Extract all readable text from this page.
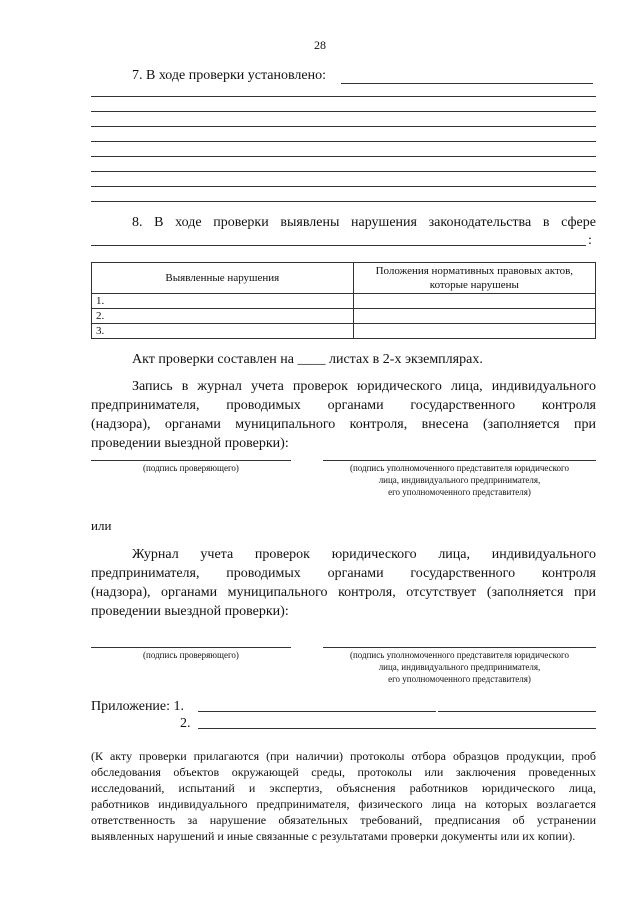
28
7. В ходе проверки установлено:
8. В ходе проверки выявлены нарушения законодательства в сфере
:
Выявленные нарушения	Положения нормативных правовых актов, которые нарушены
1.	
2.	
3.	
Акт проверки составлен на ____ листах в 2-х экземплярах.
Запись в журнал учета проверок юридического лица, индивидуального
предпринимателя, проводимых органами государственного контроля
(надзора), органами муниципального контроля, внесена (заполняется при
проведении выездной проверки):
(подпись проверяющего)	(подпись уполномоченного представителя юридического
лица, индивидуального предпринимателя,
его уполномоченного представителя)
или
Журнал учета проверок юридического лица, индивидуального
предпринимателя, проводимых органами государственного контроля
(надзора), органами муниципального контроля, отсутствует (заполняется при
проведении выездной проверки):
(подпись проверяющего)	(подпись уполномоченного представителя юридического
лица, индивидуального предпринимателя,
его уполномоченного представителя)
Приложение: 1.
2.
(К акту проверки прилагаются (при наличии) протоколы отбора образцов продукции, проб
обследования объектов окружающей среды, протоколы или заключения проведенных
исследований, испытаний и экспертиз, объяснения работников юридического лица,
работников индивидуального предпринимателя, физического лица на которых возлагается
ответственность за нарушение обязательных требований, предписания об устранении
выявленных нарушений и иные связанные с результатами проверки документы или их копии).
